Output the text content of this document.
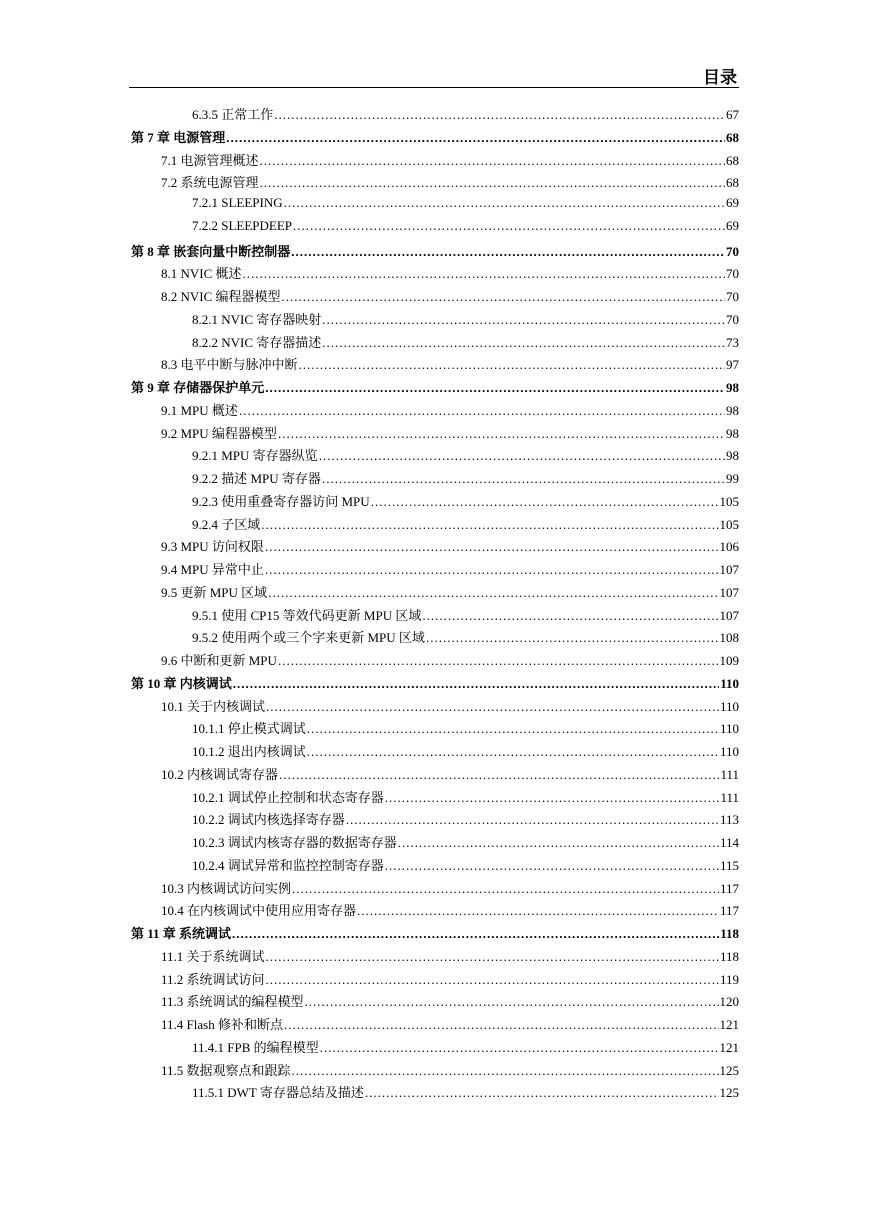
目录
6.3.5 正常工作 .....	67
第 7 章 电源管理 .....	68
7.1 电源管理概述 .....	68
7.2 系统电源管理 .....	68
7.2.1 SLEEPING .....	69
7.2.2 SLEEPDEEP .....	69
第 8 章 嵌套向量中断控制器 .....	70
8.1 NVIC 概述 .....	70
8.2 NVIC 编程器模型 .....	70
8.2.1 NVIC 寄存器映射 .....	70
8.2.2 NVIC 寄存器描述 .....	73
8.3 电平中断与脉冲中断 .....	97
第 9 章 存储器保护单元 .....	98
9.1 MPU 概述 .....	98
9.2 MPU 编程器模型 .....	98
9.2.1 MPU 寄存器纵览 .....	98
9.2.2 描述 MPU 寄存器 .....	99
9.2.3 使用重叠寄存器访问 MPU .....	105
9.2.4 子区域 .....	105
9.3 MPU 访问权限 .....	106
9.4 MPU 异常中止 .....	107
9.5 更新 MPU 区域 .....	107
9.5.1 使用 CP15 等效代码更新 MPU 区域 .....	107
9.5.2 使用两个或三个字来更新 MPU 区域 .....	108
9.6 中断和更新 MPU .....	109
第 10 章 内核调试 .....	110
10.1 关于内核调试 .....	110
10.1.1 停止模式调试 .....	110
10.1.2 退出内核调试 .....	110
10.2 内核调试寄存器 .....	111
10.2.1 调试停止控制和状态寄存器 .....	111
10.2.2 调试内核选择寄存器 .....	113
10.2.3 调试内核寄存器的数据寄存器 .....	114
10.2.4 调试异常和监控控制寄存器 .....	115
10.3 内核调试访问实例 .....	117
10.4 在内核调试中使用应用寄存器 .....	117
第 11 章 系统调试 .....	118
11.1 关于系统调试 .....	118
11.2 系统调试访问 .....	119
11.3 系统调试的编程模型 .....	120
11.4 Flash 修补和断点 .....	121
11.4.1 FPB 的编程模型 .....	121
11.5 数据观察点和跟踪 .....	125
11.5.1 DWT 寄存器总结及描述 .....	125
